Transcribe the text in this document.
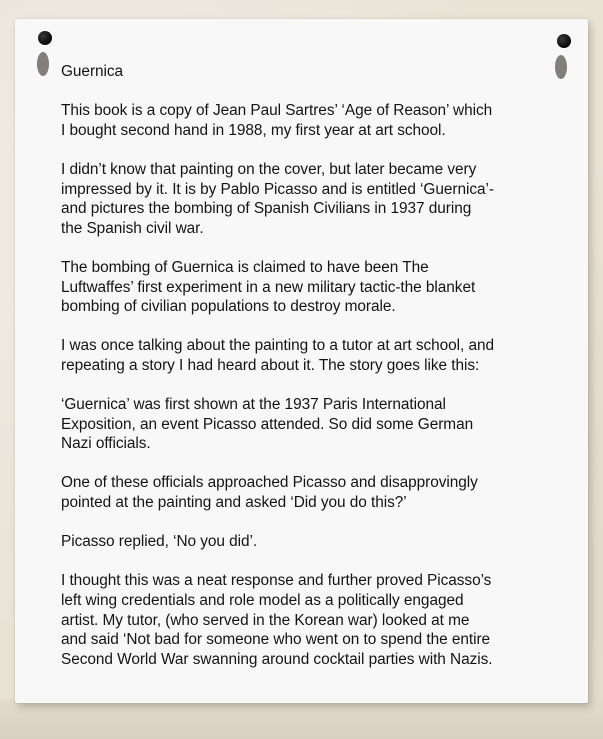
Guernica

This book is a copy of Jean Paul Sartres’ ‘Age of Reason’ which
I bought second hand in 1988, my first year at art school.

I didn’t know that painting on the cover, but later became very
impressed by it. It is by Pablo Picasso and is entitled ‘Guernica’-
and pictures the bombing of Spanish Civilians in 1937 during
the Spanish civil war.

The bombing of Guernica is claimed to have been The
Luftwaffes’ first experiment in a new military tactic-the blanket
bombing of civilian populations to destroy morale.

I was once talking about the painting to a tutor at art school, and
repeating a story I had heard about it. The story goes like this:

‘Guernica’ was first shown at the 1937 Paris International
Exposition, an event Picasso attended. So did some German
Nazi officials.

One of these officials approached Picasso and disapprovingly
pointed at the painting and asked ‘Did you do this?’

Picasso replied, ‘No you did’.

I thought this was a neat response and further proved Picasso’s
left wing credentials and role model as a politically engaged
artist. My tutor, (who served in the Korean war) looked at me
and said ‘Not bad for someone who went on to spend the entire
Second World War swanning around cocktail parties with Nazis.
